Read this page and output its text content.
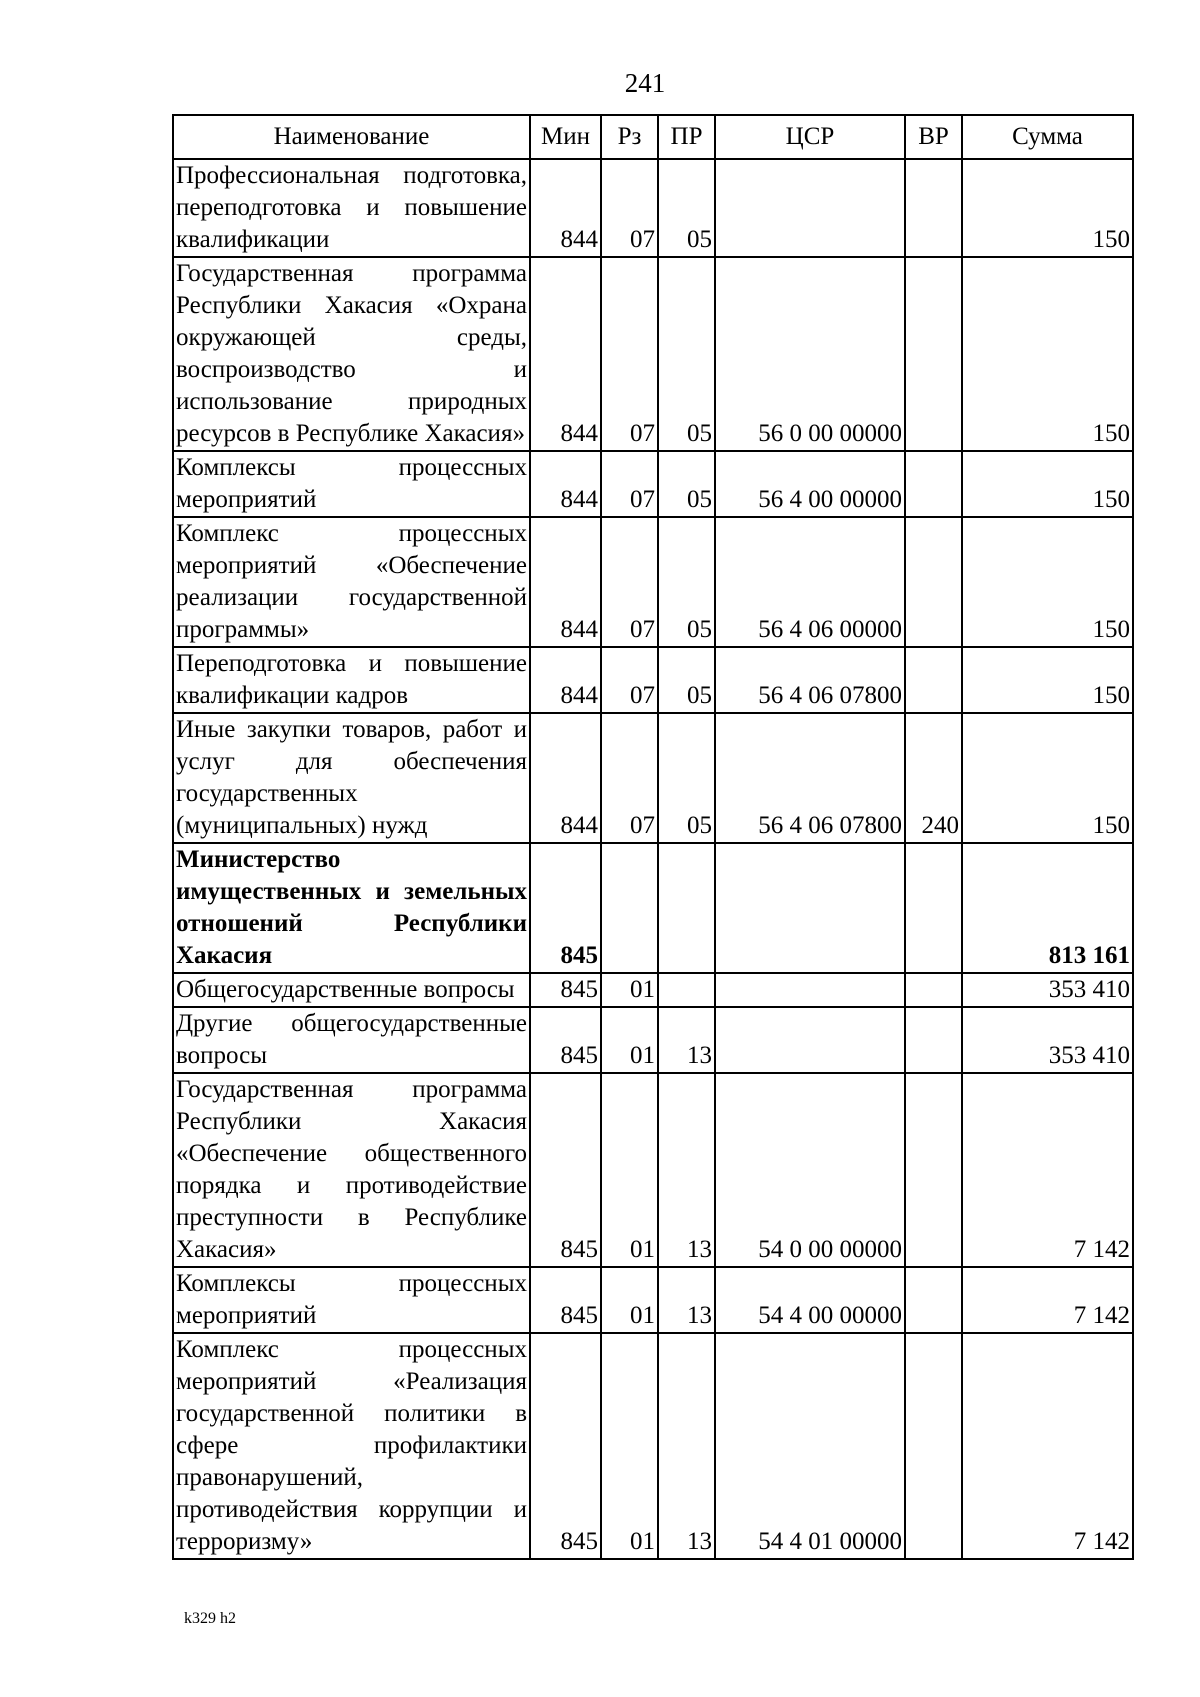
241
Наименование	Мин	Рз	ПР	ЦСР	ВР	Сумма
Профессиональная подготовка, переподготовка и повышение квалификации	844	07	05			150
Государственная программа Республики Хакасия «Охрана окружающей среды, воспроизводство и использование природных ресурсов в Республике Хакасия»	844	07	05	56 0 00 00000		150
Комплексы процессных мероприятий	844	07	05	56 4 00 00000		150
Комплекс процессных мероприятий «Обеспечение реализации государственной программы»	844	07	05	56 4 06 00000		150
Переподготовка и повышение квалификации кадров	844	07	05	56 4 06 07800		150
Иные закупки товаров, работ и услуг для обеспечения государственных (муниципальных) нужд	844	07	05	56 4 06 07800	240	150
Министерство имущественных и земельных отношений Республики Хакасия	845					813 161
Общегосударственные вопросы	845	01				353 410
Другие общегосударственные вопросы	845	01	13			353 410
Государственная программа Республики Хакасия «Обеспечение общественного порядка и противодействие преступности в Республике Хакасия»	845	01	13	54 0 00 00000		7 142
Комплексы процессных мероприятий	845	01	13	54 4 00 00000		7 142
Комплекс процессных мероприятий «Реализация государственной политики в сфере профилактики правонарушений, противодействия коррупции и терроризму»	845	01	13	54 4 01 00000		7 142
k329 h2
